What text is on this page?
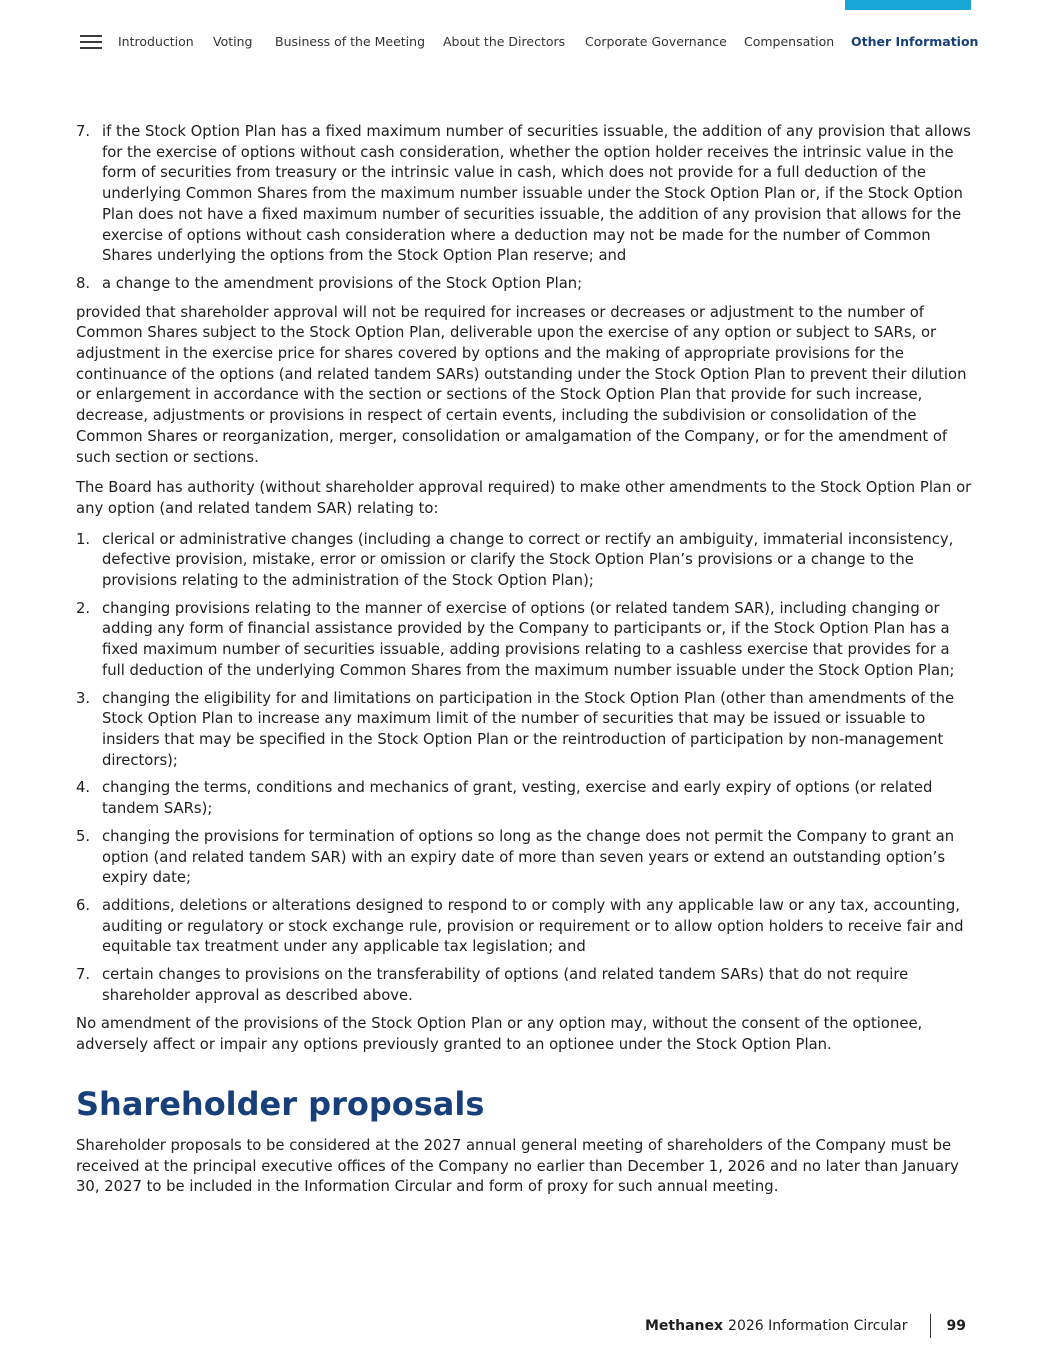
Introduction Voting Business of the Meeting About the Directors Corporate Governance Compensation Other Information
7. if the Stock Option Plan has a fixed maximum number of securities issuable, the addition of any provision that allows for the exercise of options without cash consideration, whether the option holder receives the intrinsic value in the form of securities from treasury or the intrinsic value in cash, which does not provide for a full deduction of the underlying Common Shares from the maximum number issuable under the Stock Option Plan or, if the Stock Option Plan does not have a fixed maximum number of securities issuable, the addition of any provision that allows for the exercise of options without cash consideration where a deduction may not be made for the number of Common Shares underlying the options from the Stock Option Plan reserve; and
8. a change to the amendment provisions of the Stock Option Plan;

provided that shareholder approval will not be required for increases or decreases or adjustment to the number of Common Shares subject to the Stock Option Plan, deliverable upon the exercise of any option or subject to SARs, or adjustment in the exercise price for shares covered by options and the making of appropriate provisions for the continuance of the options (and related tandem SARs) outstanding under the Stock Option Plan to prevent their dilution or enlargement in accordance with the section or sections of the Stock Option Plan that provide for such increase, decrease, adjustments or provisions in respect of certain events, including the subdivision or consolidation of the Common Shares or reorganization, merger, consolidation or amalgamation of the Company, or for the amendment of such section or sections.

The Board has authority (without shareholder approval required) to make other amendments to the Stock Option Plan or any option (and related tandem SAR) relating to:

1. clerical or administrative changes (including a change to correct or rectify an ambiguity, immaterial inconsistency, defective provision, mistake, error or omission or clarify the Stock Option Plan’s provisions or a change to the provisions relating to the administration of the Stock Option Plan);
2. changing provisions relating to the manner of exercise of options (or related tandem SAR), including changing or adding any form of financial assistance provided by the Company to participants or, if the Stock Option Plan has a fixed maximum number of securities issuable, adding provisions relating to a cashless exercise that provides for a full deduction of the underlying Common Shares from the maximum number issuable under the Stock Option Plan;
3. changing the eligibility for and limitations on participation in the Stock Option Plan (other than amendments of the Stock Option Plan to increase any maximum limit of the number of securities that may be issued or issuable to insiders that may be specified in the Stock Option Plan or the reintroduction of participation by non-management directors);
4. changing the terms, conditions and mechanics of grant, vesting, exercise and early expiry of options (or related tandem SARs);
5. changing the provisions for termination of options so long as the change does not permit the Company to grant an option (and related tandem SAR) with an expiry date of more than seven years or extend an outstanding option’s expiry date;
6. additions, deletions or alterations designed to respond to or comply with any applicable law or any tax, accounting, auditing or regulatory or stock exchange rule, provision or requirement or to allow option holders to receive fair and equitable tax treatment under any applicable tax legislation; and
7. certain changes to provisions on the transferability of options (and related tandem SARs) that do not require shareholder approval as described above.

No amendment of the provisions of the Stock Option Plan or any option may, without the consent of the optionee, adversely affect or impair any options previously granted to an optionee under the Stock Option Plan.

Shareholder proposals

Shareholder proposals to be considered at the 2027 annual general meeting of shareholders of the Company must be received at the principal executive offices of the Company no earlier than December 1, 2026 and no later than January 30, 2027 to be included in the Information Circular and form of proxy for such annual meeting.

Methanex 2026 Information Circular	99
